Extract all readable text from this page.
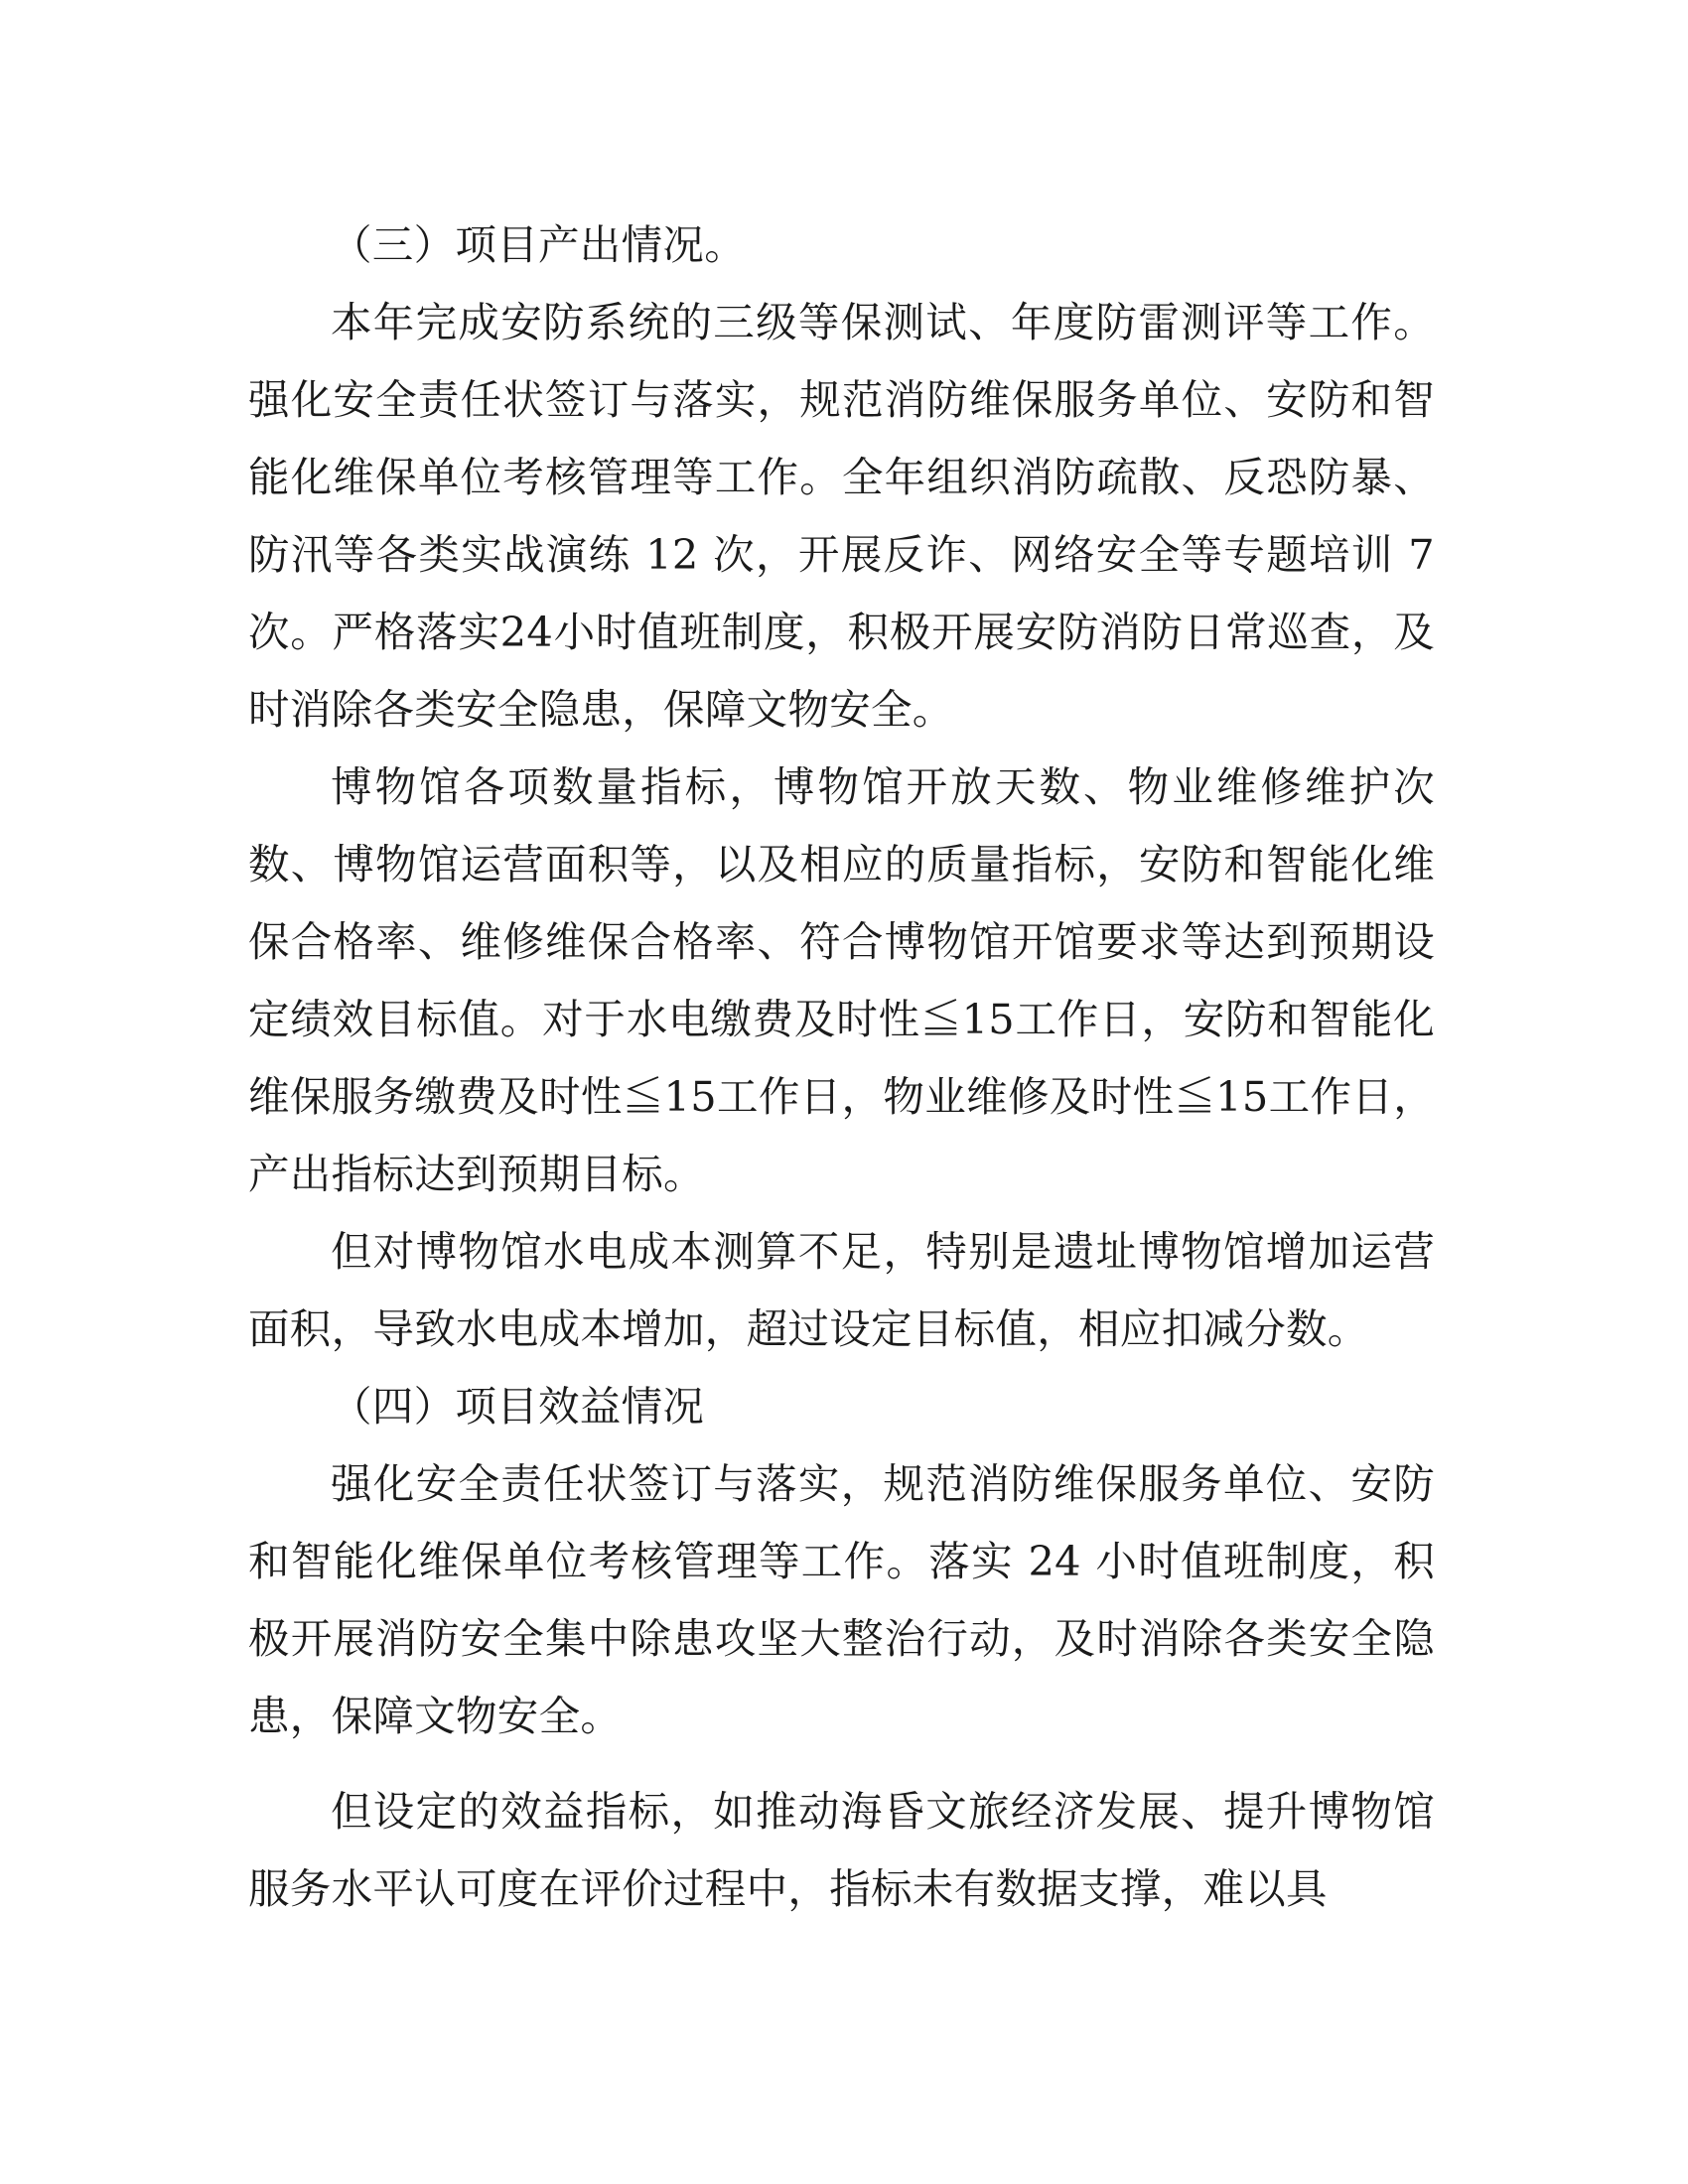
（三）项目产出情况。

本年完成安防系统的三级等保测试、年度防雷测评等工作。强化安全责任状签订与落实，规范消防维保服务单位、安防和智能化维保单位考核管理等工作。全年组织消防疏散、反恐防暴、防汛等各类实战演练 12 次，开展反诈、网络安全等专题培训 7 次。严格落实24小时值班制度，积极开展安防消防日常巡查，及时消除各类安全隐患，保障文物安全。

博物馆各项数量指标，博物馆开放天数、物业维修维护次数、博物馆运营面积等，以及相应的质量指标，安防和智能化维保合格率、维修维保合格率、符合博物馆开馆要求等达到预期设定绩效目标值。对于水电缴费及时性≦15工作日，安防和智能化维保服务缴费及时性≦15工作日，物业维修及时性≦15工作日，产出指标达到预期目标。

但对博物馆水电成本测算不足，特别是遗址博物馆增加运营面积，导致水电成本增加，超过设定目标值，相应扣减分数。

（四）项目效益情况

强化安全责任状签订与落实，规范消防维保服务单位、安防和智能化维保单位考核管理等工作。落实 24 小时值班制度，积极开展消防安全集中除患攻坚大整治行动，及时消除各类安全隐患，保障文物安全。

但设定的效益指标，如推动海昏文旅经济发展、提升博物馆服务水平认可度在评价过程中，指标未有数据支撑，难以具
